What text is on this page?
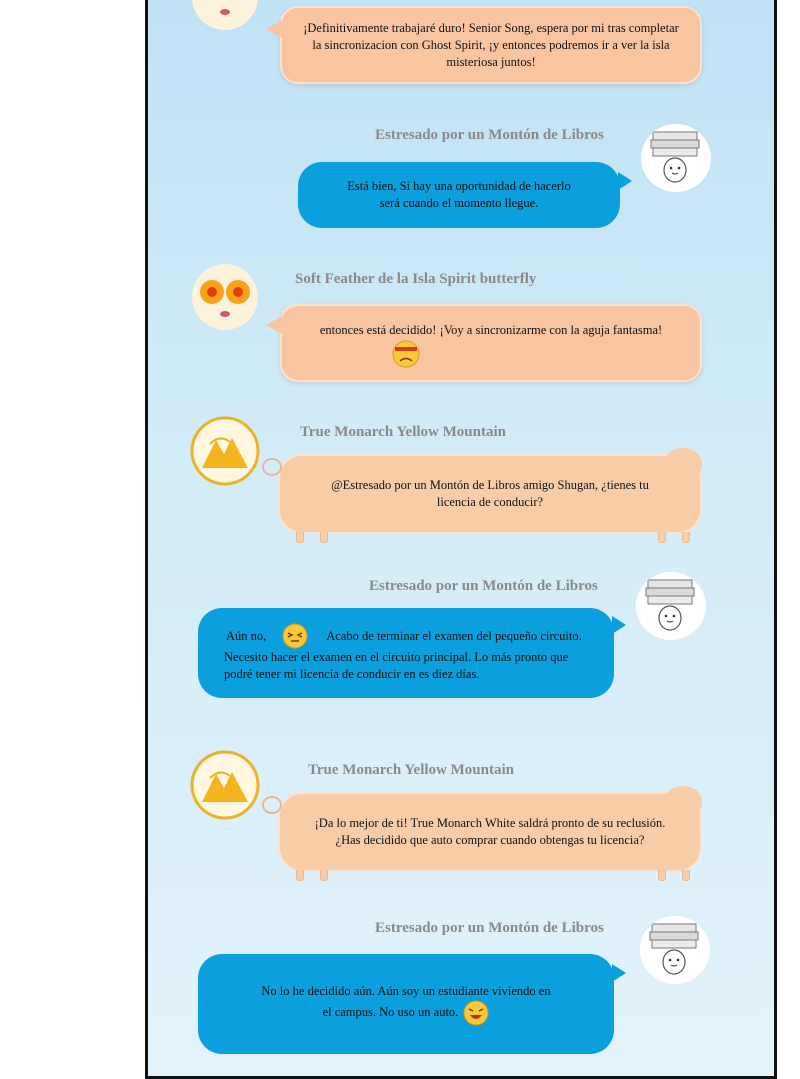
¡Definitivamente trabajaré duro! Senior Song, espera por mi tras completar la sincronizacion con Ghost Spirit, ¡y entonces podremos ir a ver la isla misteriosa juntos!
Estresado por un Montón de Libros
Está bien, Si hay una oportunidad de hacerlo será cuando el momento llegue.
Soft Feather de la Isla Spirit butterfly
entonces está decidido! ¡Voy a sincronizarme con la aguja fantasma!
True Monarch Yellow Mountain
@Estresado por un Montón de Libros amigo Shugan, ¿tienes tu licencia de conducir?
Estresado por un Montón de Libros
Aún no,	Acabo de terminar el examen del pequeño circuito.
Necesito hacer el examen en el circuito principal. Lo más pronto que podré tener mi licencia de conducir en es diez días.
True Monarch Yellow Mountain
¡Da lo mejor de ti! True Monarch White saldrá pronto de su reclusión. ¿Has decidido que auto comprar cuando obtengas tu licencia?
Estresado por un Montón de Libros
No lo he decidido aún. Aún soy un estudiante viviendo en el campus. No uso un auto.
